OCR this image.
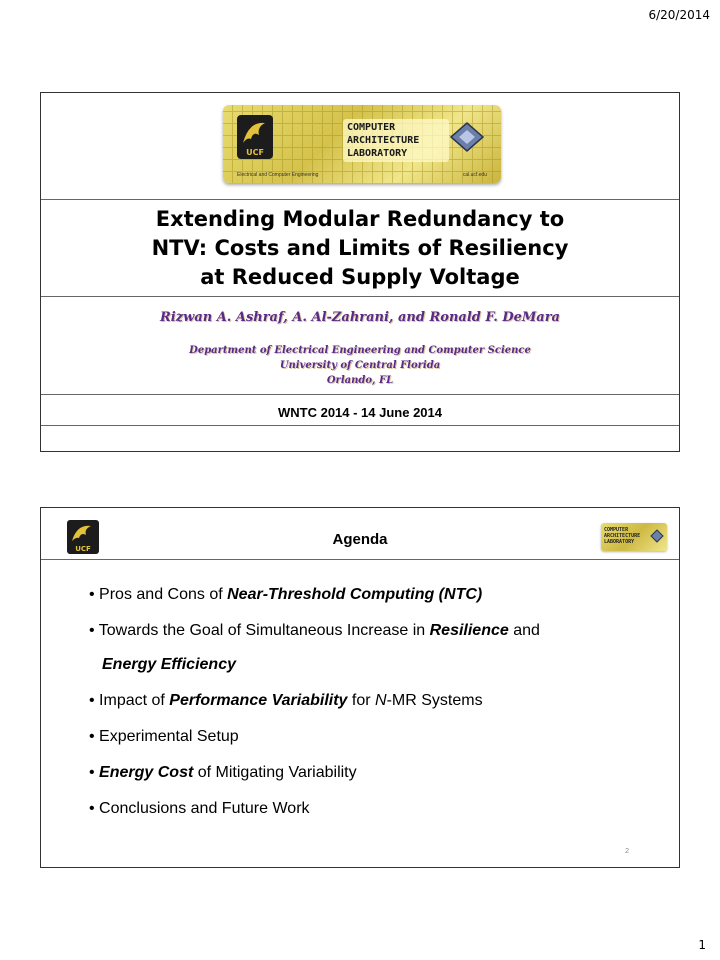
6/20/2014
UCF
COMPUTER
ARCHITECTURE
LABORATORY
Electrical and Computer Engineering	cal.ucf.edu
Extending Modular Redundancy to
NTV: Costs and Limits of Resiliency
at Reduced Supply Voltage
Rizwan A. Ashraf, A. Al-Zahrani, and Ronald F. DeMara
Department of Electrical Engineering and Computer Science
University of Central Florida
Orlando, FL
WNTC 2014 - 14 June 2014
UCF
Agenda
COMPUTER
ARCHITECTURE
LABORATORY
• Pros and Cons of Near-Threshold Computing (NTC)
• Towards the Goal of Simultaneous Increase in Resilience and
Energy Efficiency
• Impact of Performance Variability for N-MR Systems
• Experimental Setup
• Energy Cost of Mitigating Variability
• Conclusions and Future Work
2
1
